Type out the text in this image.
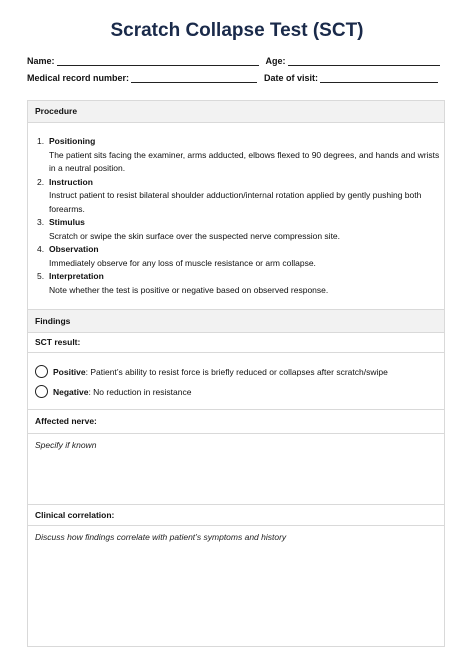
Scratch Collapse Test (SCT)
Name:	Age:
Medical record number:	Date of visit:
Procedure
1. Positioning
The patient sits facing the examiner, arms adducted, elbows flexed to 90 degrees, and hands and wrists in a neutral position.
2. Instruction
Instruct patient to resist bilateral shoulder adduction/internal rotation applied by gently pushing both forearms.
3. Stimulus
Scratch or swipe the skin surface over the suspected nerve compression site.
4. Observation
Immediately observe for any loss of muscle resistance or arm collapse.
5. Interpretation
Note whether the test is positive or negative based on observed response.
Findings
SCT result:
Positive : Patient’s ability to resist force is briefly reduced or collapses after scratch/swipe
Negative : No reduction in resistance
Affected nerve:
Specify if known
Clinical correlation:
Discuss how findings correlate with patient’s symptoms and history
